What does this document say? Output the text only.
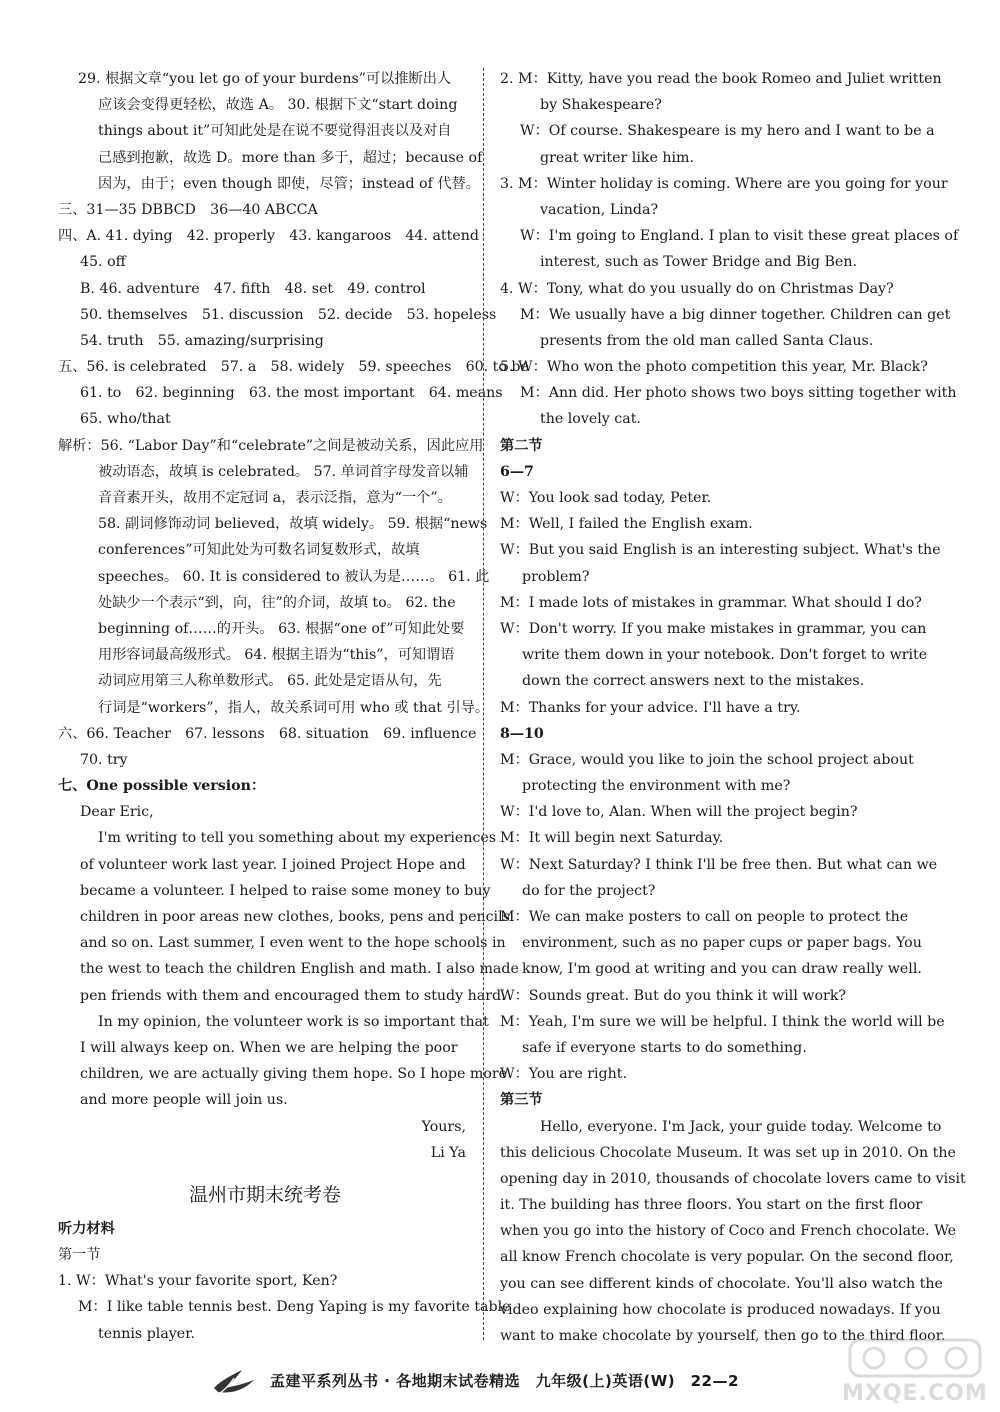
29. 根据文章“you let go of your burdens”可以推断出人
应该会变得更轻松，故选 A。 30. 根据下文“start doing
things about it”可知此处是在说不要觉得沮丧以及对自
己感到抱歉，故选 D。more than 多于，超过；because of
因为，由于；even though 即使，尽管；instead of 代替。
三、31—35 DBBCD　36—40 ABCCA
四、A. 41. dying　42. properly　43. kangaroos　44. attend
45. off
B. 46. adventure　47. fifth　48. set　49. control
50. themselves　51. discussion　52. decide　53. hopeless
54. truth　55. amazing/surprising
五、56. is celebrated　57. a　58. widely　59. speeches　60. to be
61. to　62. beginning　63. the most important　64. means
65. who/that
解析：56. “Labor Day”和“celebrate”之间是被动关系，因此应用
被动语态，故填 is celebrated。 57. 单词首字母发音以辅
音音素开头，故用不定冠词 a，表示泛指，意为“一个”。
58. 副词修饰动词 believed，故填 widely。 59. 根据“news
conferences”可知此处为可数名词复数形式，故填
speeches。 60. It is considered to 被认为是……。 61. 此
处缺少一个表示“到，向，往”的介词，故填 to。 62. the
beginning of……的开头。 63. 根据“one of”可知此处要
用形容词最高级形式。 64. 根据主语为“this”，可知谓语
动词应用第三人称单数形式。 65. 此处是定语从句，先
行词是“workers”，指人，故关系词可用 who 或 that 引导。
六、66. Teacher　67. lessons　68. situation　69. influence
70. try
七、One possible version：
Dear Eric,
I'm writing to tell you something about my experiences
of volunteer work last year. I joined Project Hope and
became a volunteer. I helped to raise some money to buy
children in poor areas new clothes, books, pens and pencils
and so on. Last summer, I even went to the hope schools in
the west to teach the children English and math. I also made
pen friends with them and encouraged them to study hard.
In my opinion, the volunteer work is so important that
I will always keep on. When we are helping the poor
children, we are actually giving them hope. So I hope more
and more people will join us.
Yours,
Li Ya
温州市期末统考卷
听力材料
第一节
1. W：What's your favorite sport, Ken?
M：I like table tennis best. Deng Yaping is my favorite table
tennis player.
2. M：Kitty, have you read the book Romeo and Juliet written
by Shakespeare?
W：Of course. Shakespeare is my hero and I want to be a
great writer like him.
3. M：Winter holiday is coming. Where are you going for your
vacation, Linda?
W：I'm going to England. I plan to visit these great places of
interest, such as Tower Bridge and Big Ben.
4. W：Tony, what do you usually do on Christmas Day?
M：We usually have a big dinner together. Children can get
presents from the old man called Santa Claus.
5. W：Who won the photo competition this year, Mr. Black?
M：Ann did. Her photo shows two boys sitting together with
the lovely cat.
第二节
6—7
W：You look sad today, Peter.
M：Well, I failed the English exam.
W：But you said English is an interesting subject. What's the
problem?
M：I made lots of mistakes in grammar. What should I do?
W：Don't worry. If you make mistakes in grammar, you can
write them down in your notebook. Don't forget to write
down the correct answers next to the mistakes.
M：Thanks for your advice. I'll have a try.
8—10
M：Grace, would you like to join the school project about
protecting the environment with me?
W：I'd love to, Alan. When will the project begin?
M：It will begin next Saturday.
W：Next Saturday? I think I'll be free then. But what can we
do for the project?
M：We can make posters to call on people to protect the
environment, such as no paper cups or paper bags. You
know, I'm good at writing and you can draw really well.
W：Sounds great. But do you think it will work?
M：Yeah, I'm sure we will be helpful. I think the world will be
safe if everyone starts to do something.
W：You are right.
第三节
Hello, everyone. I'm Jack, your guide today. Welcome to
this delicious Chocolate Museum. It was set up in 2010. On the
opening day in 2010, thousands of chocolate lovers came to visit
it. The building has three floors. You start on the first floor
when you go into the history of Coco and French chocolate. We
all know French chocolate is very popular. On the second floor,
you can see different kinds of chocolate. You'll also watch the
video explaining how chocolate is produced nowadays. If you
want to make chocolate by yourself, then go to the third floor.
孟建平系列丛书 · 各地期末试卷精选　九年级(上)英语(W)　22—2	MXQE.COM
